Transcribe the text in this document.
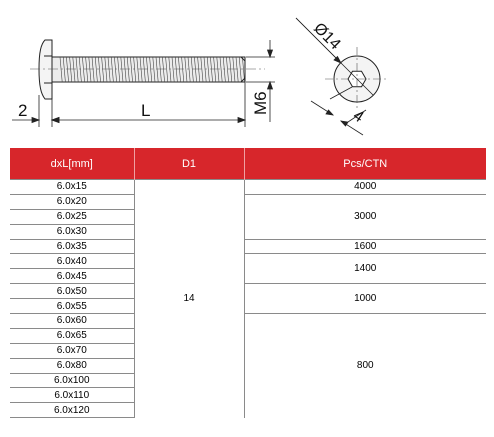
M6
L
2
Ø14
4
dxL[mm]	D1	Pcs/CTN
6.0x15	14	4000
6.0x20		3000
6.0x25		
6.0x30		
6.0x35		1600
6.0x40		1400
6.0x45		
6.0x50		1000
6.0x55		
6.0x60		800
6.0x65		
6.0x70		
6.0x80		
6.0x100		
6.0x110		
6.0x120		
